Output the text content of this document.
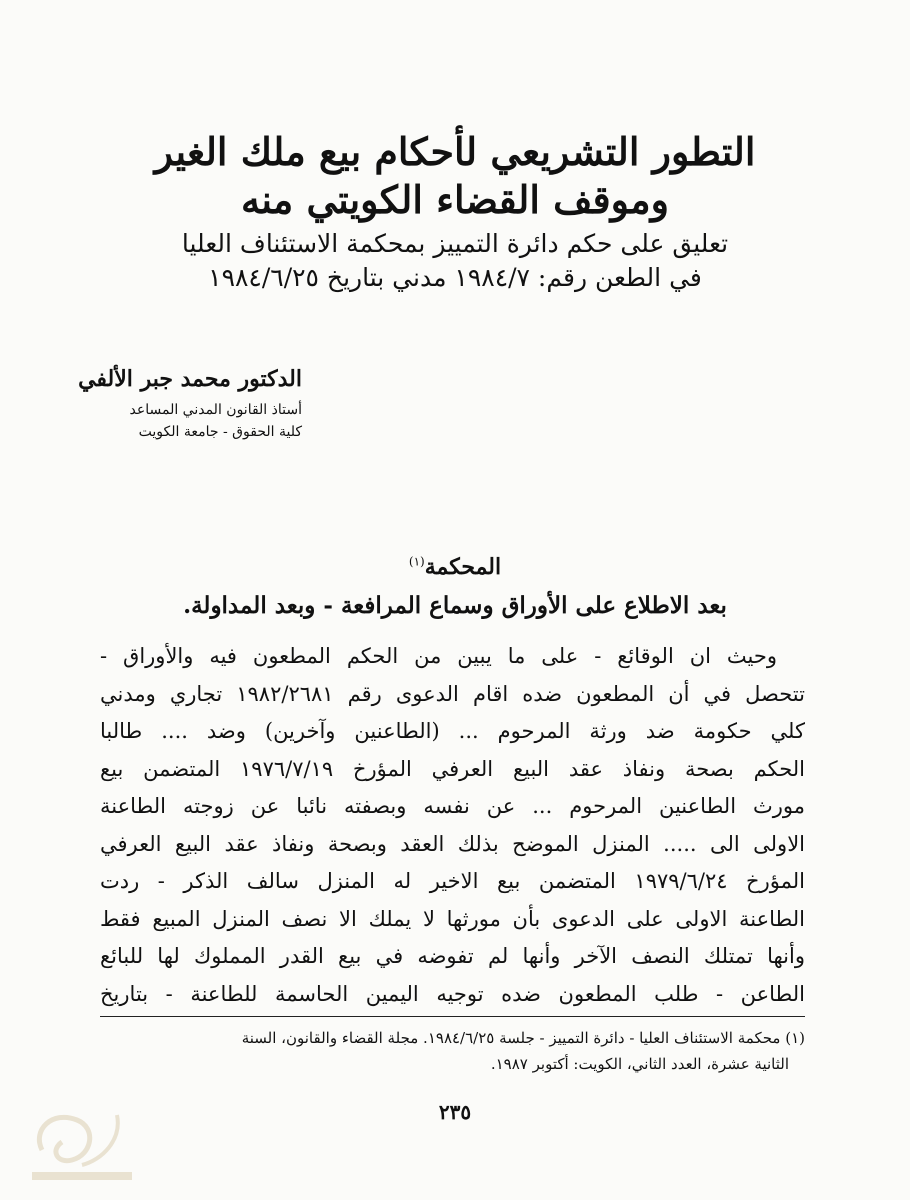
التطور التشريعي لأحكام بيع ملك الغير
وموقف القضاء الكويتي منه
تعليق على حكم دائرة التمييز بمحكمة الاستئناف العليا
في الطعن رقم: ١٩٨٤/٧ مدني بتاريخ ١٩٨٤/٦/٢٥
الدكتور محمد جبر الألفي
أستاذ القانون المدني المساعد
كلية الحقوق - جامعة الكويت
المحكمة$^{(١)}$
بعد الاطلاع على الأوراق وسماع المرافعة - وبعد المداولة.
وحيث ان الوقائع - على ما يبين من الحكم المطعون فيه والأوراق -
تتحصل في أن المطعون ضده اقام الدعوى رقم ١٩٨٢/٢٦٨١ تجاري ومدني
كلي حكومة ضد ورثة المرحوم ... (الطاعنين وآخرين) وضد .... طالبا
الحكم بصحة ونفاذ عقد البيع العرفي المؤرخ ١٩٧٦/٧/١٩ المتضمن بيع
مورث الطاعنين المرحوم ... عن نفسه وبصفته نائبا عن زوجته الطاعنة
الاولى الى ..... المنزل الموضح بذلك العقد وبصحة ونفاذ عقد البيع العرفي
المؤرخ ١٩٧٩/٦/٢٤ المتضمن بيع الاخير له المنزل سالف الذكر - ردت
الطاعنة الاولى على الدعوى بأن مورثها لا يملك الا نصف المنزل المبيع فقط
وأنها تمتلك النصف الآخر وأنها لم تفوضه في بيع القدر المملوك لها للبائع
الطاعن - طلب المطعون ضده توجيه اليمين الحاسمة للطاعنة - بتاريخ
(١) محكمة الاستئناف العليا - دائرة التمييز - جلسة ١٩٨٤/٦/٢٥. مجلة القضاء والقانون، السنة
الثانية عشرة، العدد الثاني، الكويت: أكتوبر ١٩٨٧.
٢٣٥
